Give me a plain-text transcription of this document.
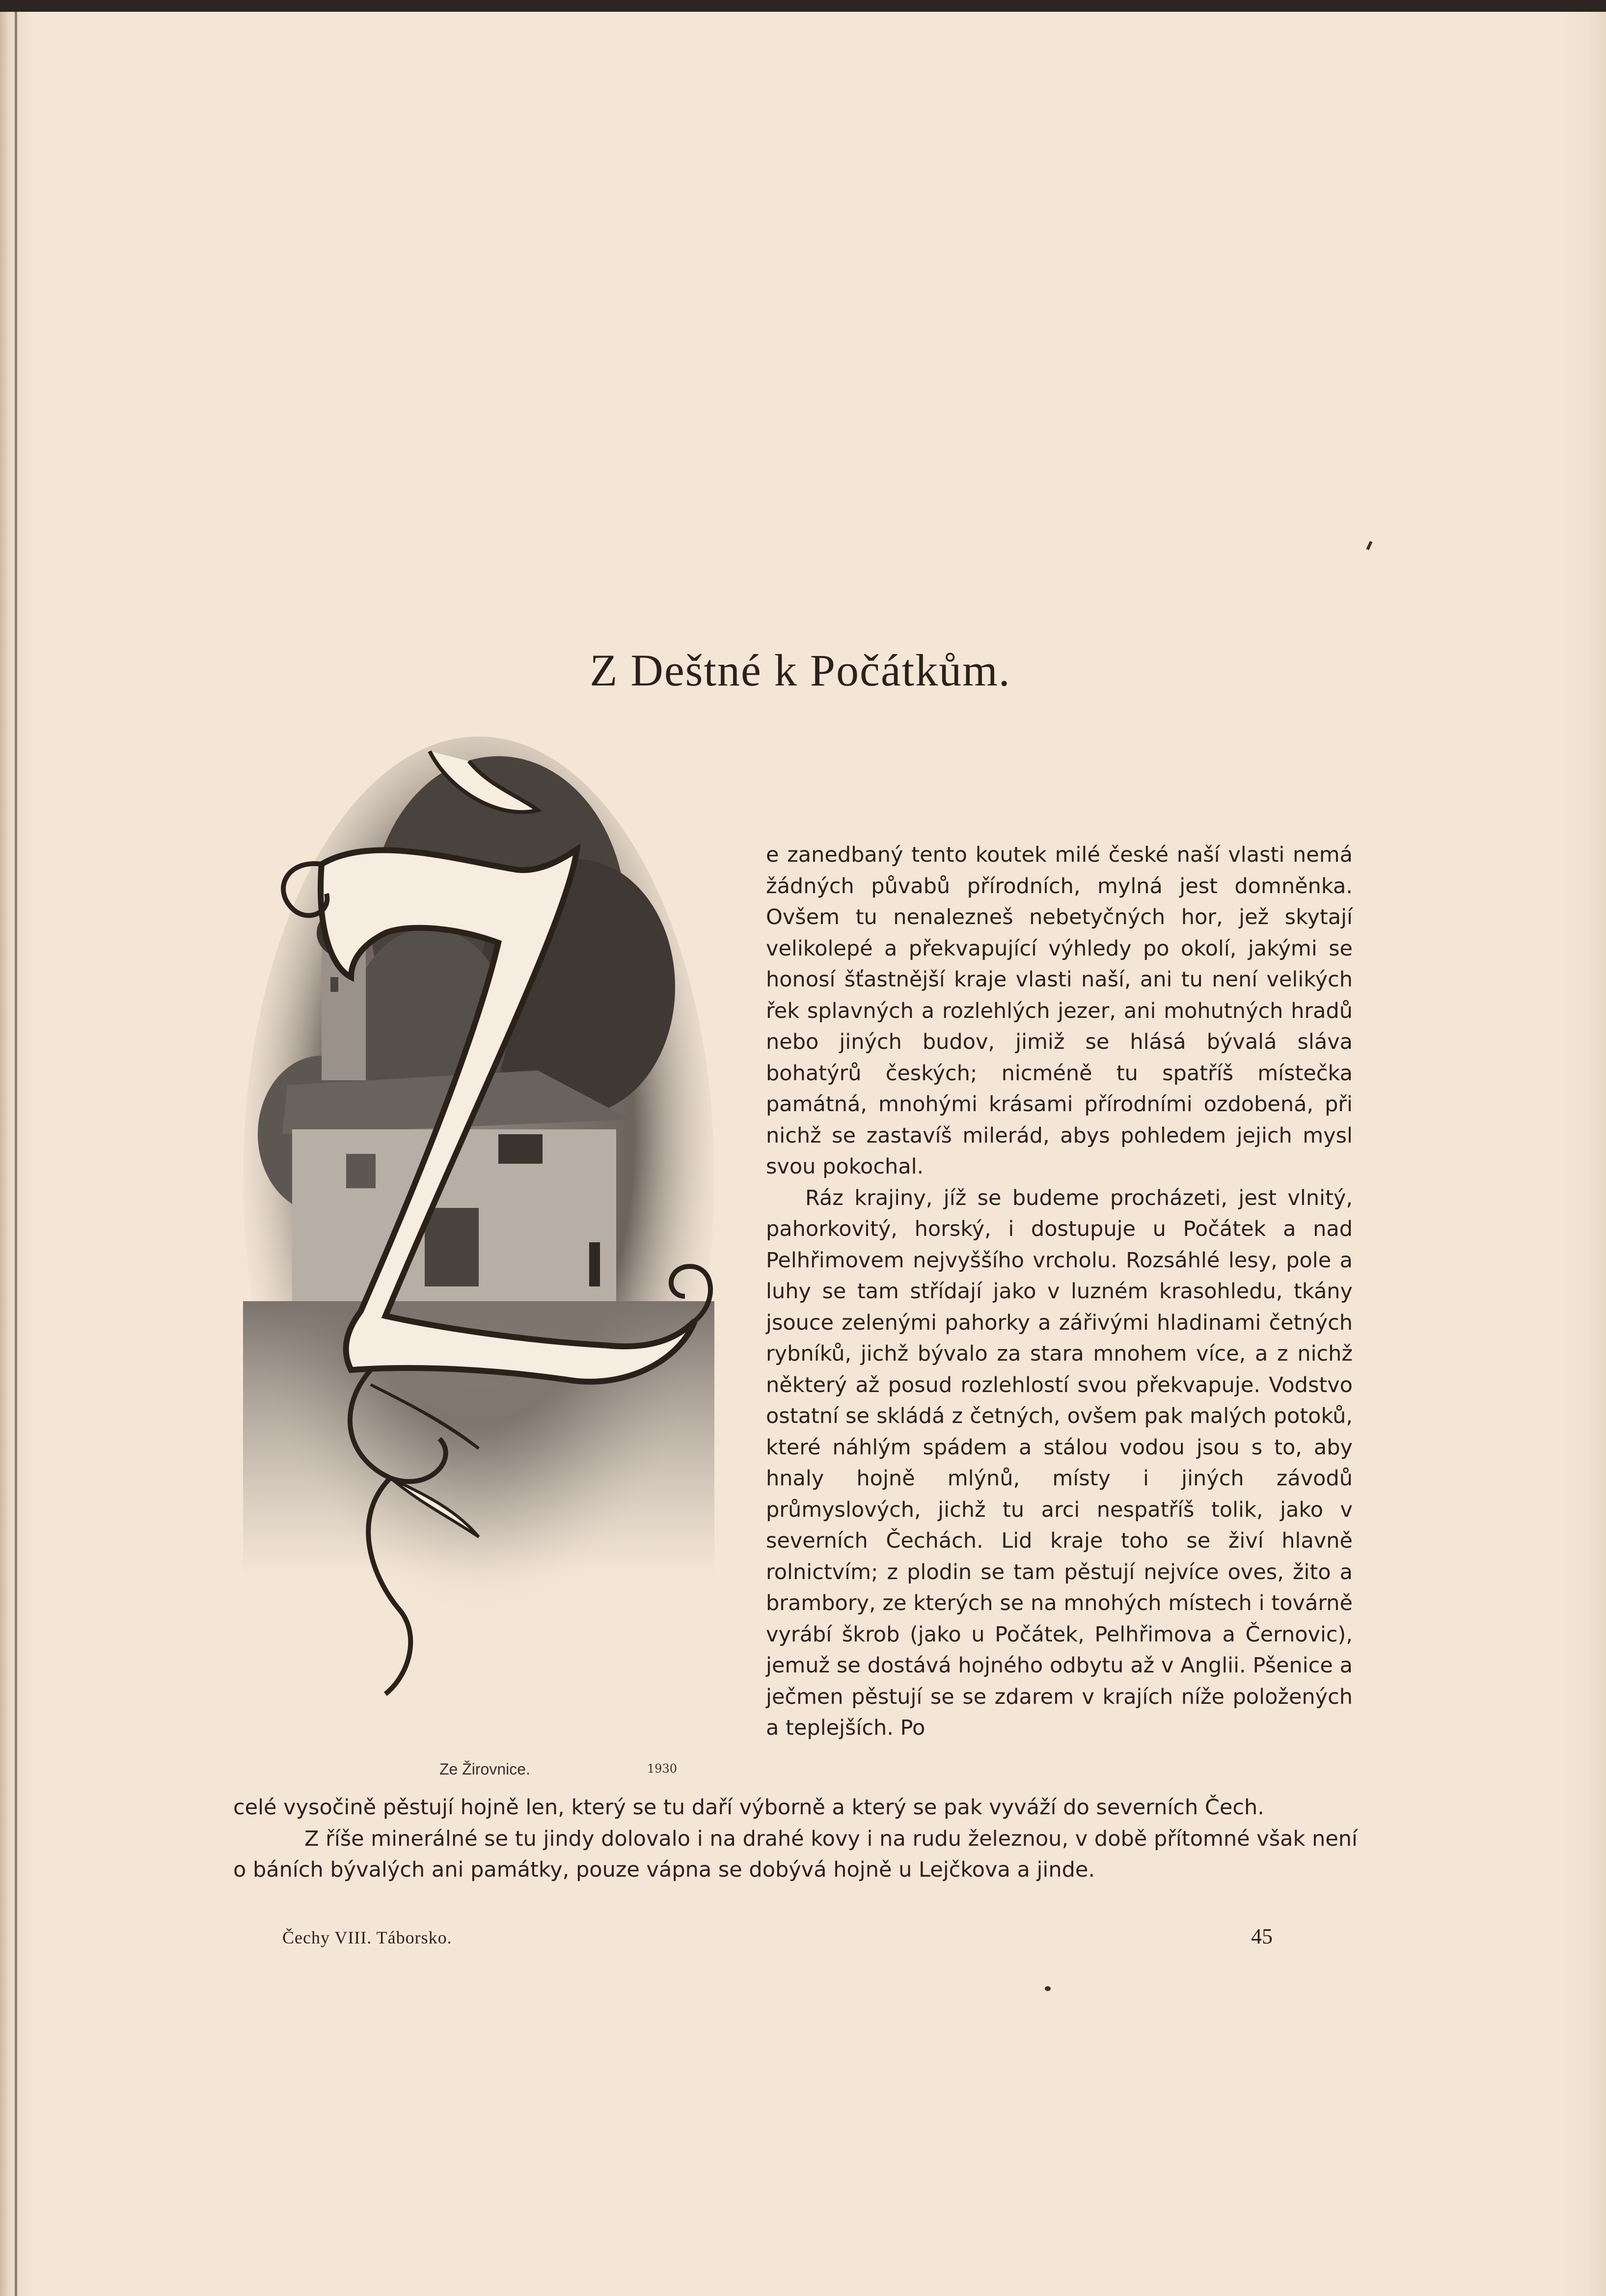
Z Deštné k Počátkům.
Ze Žirovnice.	1930

e zanedbaný tento koutek milé české naší vlasti nemá žádných půvabů přírodních, mylná jest domněnka. Ovšem tu nenalezneš nebetyčných hor, jež skytají velikolepé a překvapující výhledy po okolí, jakými se honosí šťastnější kraje vlasti naší, ani tu není velikých řek splavných a rozlehlých jezer, ani mohutných hradů nebo jiných budov, jimiž se hlásá bývalá sláva bohatýrů českých; nicméně tu spatříš místečka památná, mnohými krásami přírodními ozdobená, při nichž se zastavíš milerád, abys pohledem jejich mysl svou pokochal.

Ráz krajiny, jíž se budeme procházeti, jest vlnitý, pahorkovitý, horský, i dostupuje u Počátek a nad Pelhřimovem nejvyššího vrcholu. Rozsáhlé lesy, pole a luhy se tam střídají jako v luzném krasohledu, tkány jsouce zelenými pahorky a zářivými hladinami četných rybníků, jichž bývalo za stara mnohem více, a z nichž některý až posud rozlehlostí svou překvapuje. Vodstvo ostatní se skládá z četných, ovšem pak malých potoků, které náhlým spádem a stálou vodou jsou s to, aby hnaly hojně mlýnů, místy i jiných závodů průmyslových, jichž tu arci nespatříš tolik, jako v severních Čechách. Lid kraje toho se živí hlavně rolnictvím; z plodin se tam pěstují nejvíce oves, žito a brambory, ze kterých se na mnohých místech i továrně vyrábí škrob (jako u Počátek, Pelhřimova a Černovic), jemuž se dostává hojného odbytu až v Anglii. Pšenice a ječmen pěstují se se zdarem v krajích níže položených a teplejších. Po

celé vysočině pěstují hojně len, který se tu daří výborně a který se pak vyváží do severních Čech.

Z říše minerálné se tu jindy dolovalo i na drahé kovy i na rudu železnou, v době přítomné však není o báních bývalých ani památky, pouze vápna se dobývá hojně u Lejčkova a jinde.

Čechy VIII. Táborsko.	45
